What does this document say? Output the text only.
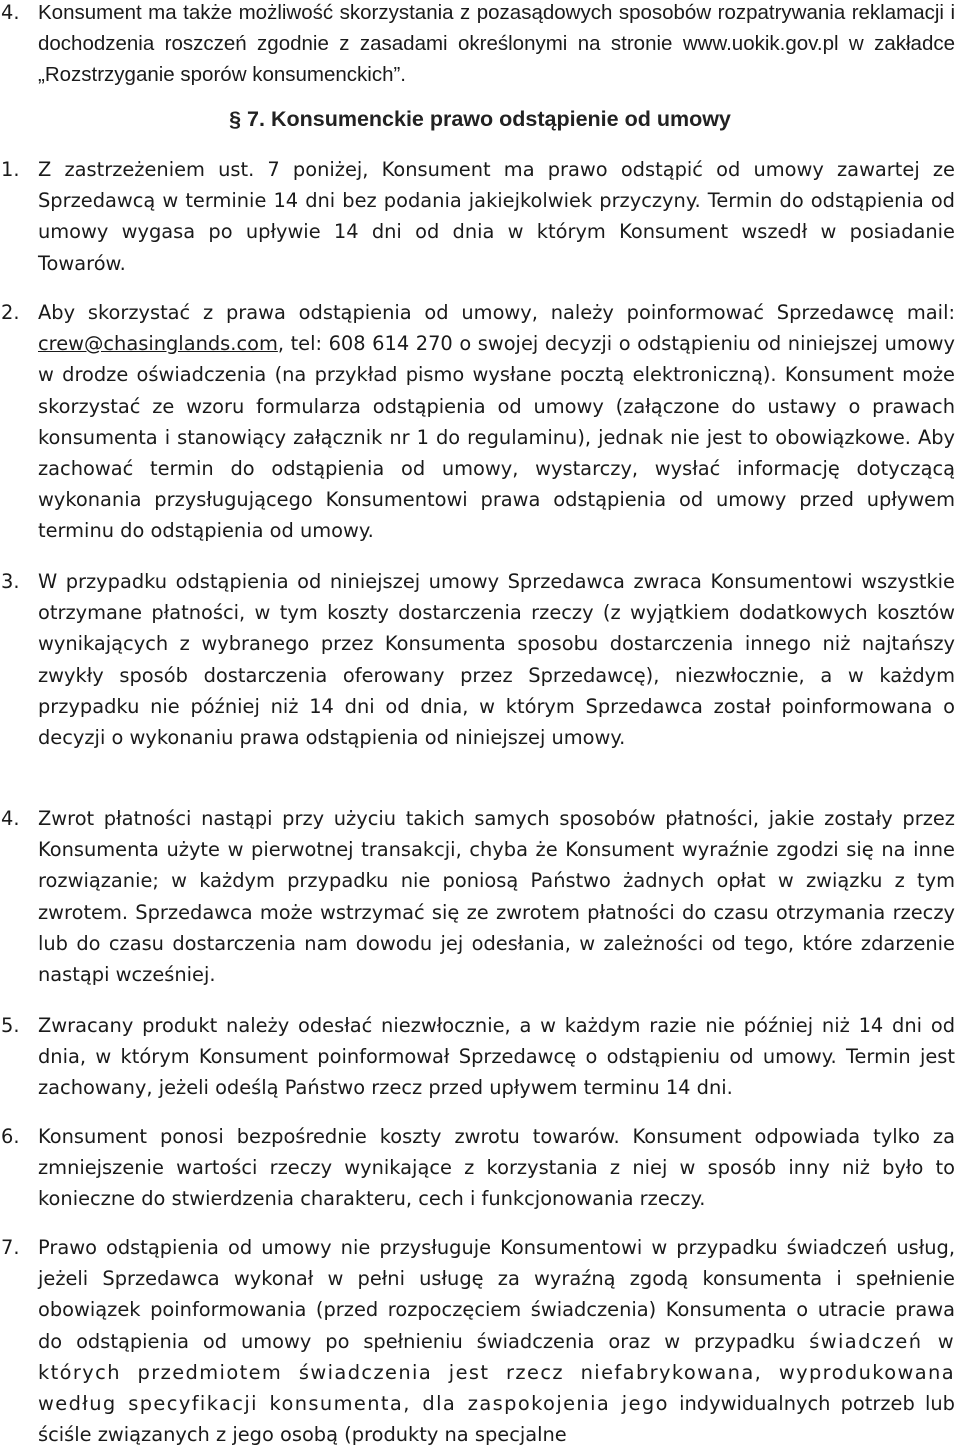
4. Konsument ma także możliwość skorzystania z pozasądowych sposobów rozpatrywania reklamacji i dochodzenia roszczeń zgodnie z zasadami określonymi na stronie www.uokik.gov.pl w zakładce „Rozstrzyganie sporów konsumenckich”.
§ 7. Konsumenckie prawo odstąpienie od umowy
1. Z zastrzeżeniem ust. 7 poniżej, Konsument ma prawo odstąpić od umowy zawartej ze Sprzedawcą w terminie 14 dni bez podania jakiejkolwiek przyczyny. Termin do odstąpienia od umowy wygasa po upływie 14 dni od dnia w którym Konsument wszedł w posiadanie Towarów.
2. Aby skorzystać z prawa odstąpienia od umowy, należy poinformować Sprzedawcę mail: crew@chasinglands.com, tel: 608 614 270 o swojej decyzji o odstąpieniu od niniejszej umowy w drodze oświadczenia (na przykład pismo wysłane pocztą elektroniczną). Konsument może skorzystać ze wzoru formularza odstąpienia od umowy (załączone do ustawy o prawach konsumenta i stanowiący załącznik nr 1 do regulaminu), jednak nie jest to obowiązkowe. Aby zachować termin do odstąpienia od umowy, wystarczy, wysłać informację dotyczącą wykonania przysługującego Konsumentowi prawa odstąpienia od umowy przed upływem terminu do odstąpienia od umowy.
3. W przypadku odstąpienia od niniejszej umowy Sprzedawca zwraca Konsumentowi wszystkie otrzymane płatności, w tym koszty dostarczenia rzeczy (z wyjątkiem dodatkowych kosztów wynikających z wybranego przez Konsumenta sposobu dostarczenia innego niż najtańszy zwykły sposób dostarczenia oferowany przez Sprzedawcę), niezwłocznie, a w każdym przypadku nie później niż 14 dni od dnia, w którym Sprzedawca został poinformowana o decyzji o wykonaniu prawa odstąpienia od niniejszej umowy.
4. Zwrot płatności nastąpi przy użyciu takich samych sposobów płatności, jakie zostały przez Konsumenta użyte w pierwotnej transakcji, chyba że Konsument wyraźnie zgodzi się na inne rozwiązanie; w każdym przypadku nie poniosą Państwo żadnych opłat w związku z tym zwrotem. Sprzedawca może wstrzymać się ze zwrotem płatności do czasu otrzymania rzeczy lub do czasu dostarczenia nam dowodu jej odesłania, w zależności od tego, które zdarzenie nastąpi wcześniej.
5. Zwracany produkt należy odesłać niezwłocznie, a w każdym razie nie później niż 14 dni od dnia, w którym Konsument poinformował Sprzedawcę o odstąpieniu od umowy. Termin jest zachowany, jeżeli odeślą Państwo rzecz przed upływem terminu 14 dni.
6. Konsument ponosi bezpośrednie koszty zwrotu towarów. Konsument odpowiada tylko za zmniejszenie wartości rzeczy wynikające z korzystania z niej w sposób inny niż było to konieczne do stwierdzenia charakteru, cech i funkcjonowania rzeczy.
7. Prawo odstąpienia od umowy nie przysługuje Konsumentowi w przypadku świadczeń usług, jeżeli Sprzedawca wykonał w pełni usługę za wyraźną zgodą konsumenta i spełnienie obowiązek poinformowania (przed rozpoczęciem świadczenia) Konsumenta o utracie prawa do odstąpienia od umowy po spełnieniu świadczenia oraz w przypadku świadczeń w których przedmiotem świadczenia jest rzecz niefabrykowana, wyprodukowana według specyfikacji konsumenta, dla zaspokojenia jego indywidualnych potrzeb lub ściśle związanych z jego osobą (produkty na specjalne
